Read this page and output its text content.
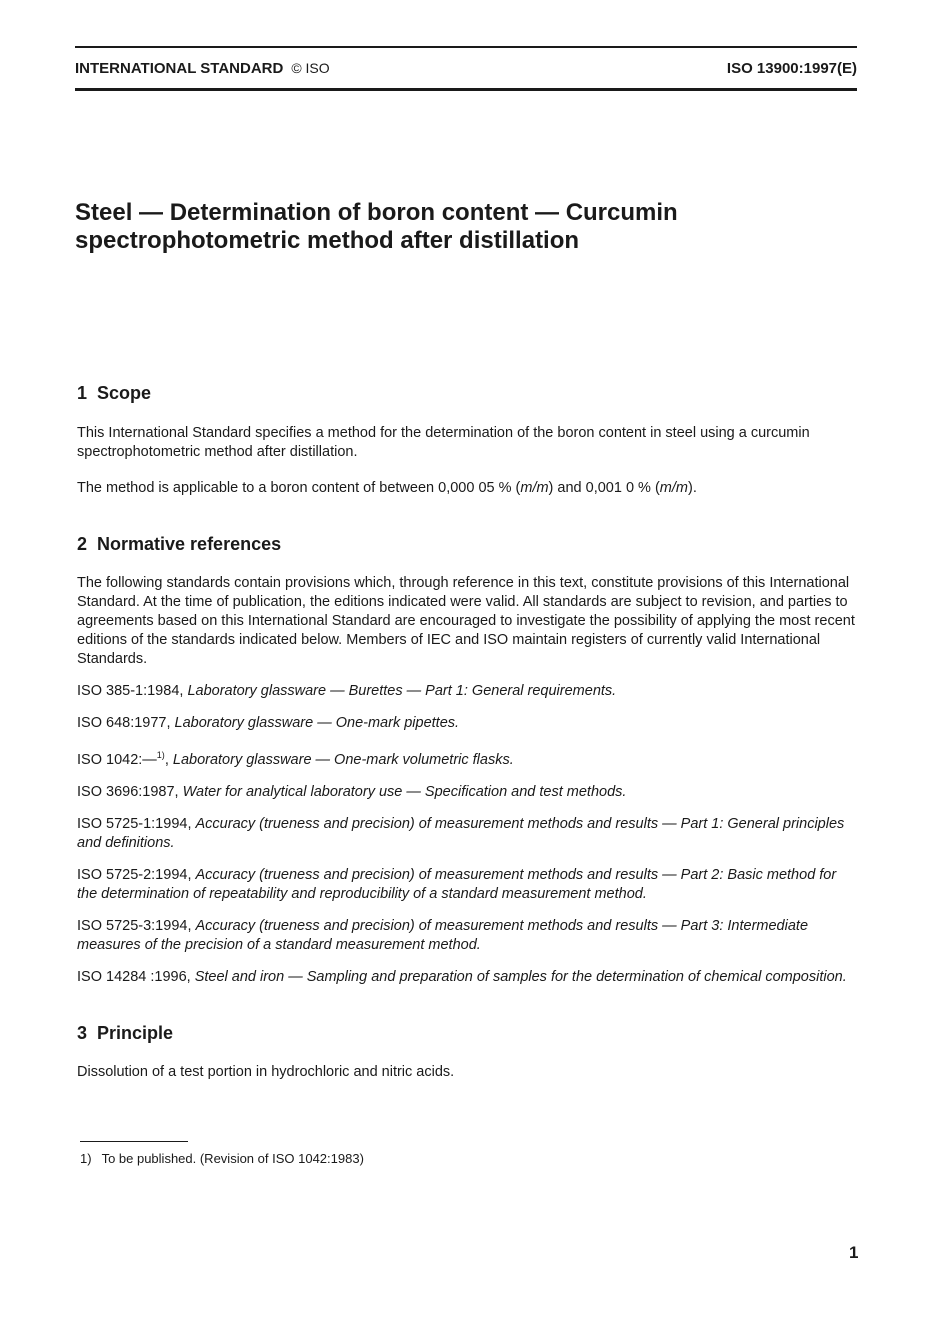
INTERNATIONAL STANDARD © ISO	ISO 13900:1997(E)
Steel — Determination of boron content — Curcumin
spectrophotometric method after distillation
1 Scope

This International Standard specifies a method for the determination of the boron content in steel using a curcumin spectrophotometric method after distillation.

The method is applicable to a boron content of between 0,000 05 % (m/m) and 0,001 0 % (m/m).

2 Normative references

The following standards contain provisions which, through reference in this text, constitute provisions of this International Standard. At the time of publication, the editions indicated were valid. All standards are subject to revision, and parties to agreements based on this International Standard are encouraged to investigate the possibility of applying the most recent editions of the standards indicated below. Members of IEC and ISO maintain registers of currently valid International Standards.

ISO 385-1:1984, Laboratory glassware — Burettes — Part 1: General requirements.

ISO 648:1977, Laboratory glassware — One-mark pipettes.

ISO 1042:—$^{1)}$, Laboratory glassware — One-mark volumetric flasks.

ISO 3696:1987, Water for analytical laboratory use — Specification and test methods.

ISO 5725-1:1994, Accuracy (trueness and precision) of measurement methods and results — Part 1: General principles and definitions.

ISO 5725-2:1994, Accuracy (trueness and precision) of measurement methods and results — Part 2: Basic method for the determination of repeatability and reproducibility of a standard measurement method.

ISO 5725-3:1994, Accuracy (trueness and precision) of measurement methods and results — Part 3: Intermediate measures of the precision of a standard measurement method.

ISO 14284 :1996, Steel and iron — Sampling and preparation of samples for the determination of chemical composition.

3 Principle

Dissolution of a test portion in hydrochloric and nitric acids.

1) To be published. (Revision of ISO 1042:1983)
1
